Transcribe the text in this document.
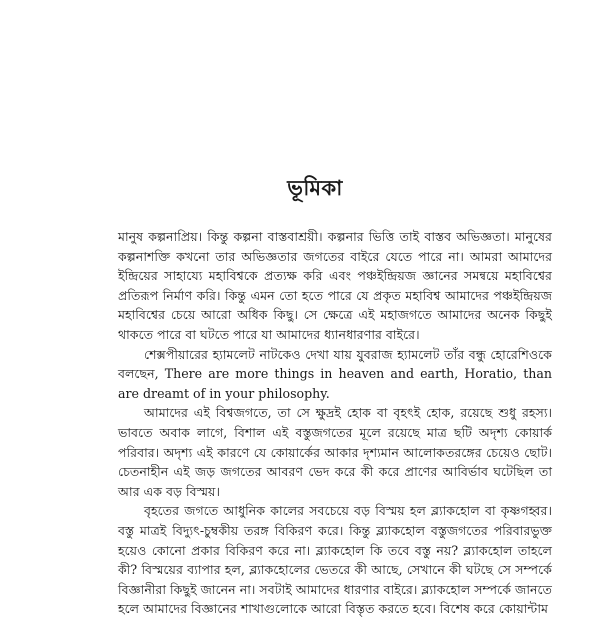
ভূমিকা

মানুষ কল্পনাপ্রিয়। কিন্তু কল্পনা বাস্তবাশ্রয়ী। কল্পনার ভিত্তি তাই বাস্তব অভিজ্ঞতা। মানুষের কল্পনাশক্তি কখনো তার অভিজ্ঞতার জগতের বাইরে যেতে পারে না। আমরা আমাদের ইন্দ্রিয়ের সাহায্যে মহাবিশ্বকে প্রত্যক্ষ করি এবং পঞ্চইন্দ্রিয়জ জ্ঞানের সমন্বয়ে মহাবিশ্বের প্রতিরূপ নির্মাণ করি। কিন্তু এমন তো হতে পারে যে প্রকৃত মহাবিশ্ব আমাদের পঞ্চইন্দ্রিয়জ মহাবিশ্বের চেয়ে আরো অধিক কিছু। সে ক্ষেত্রে এই মহাজগতে আমাদের অনেক কিছুই থাকতে পারে বা ঘটতে পারে যা আমাদের ধ্যানধারণার বাইরে।

শেক্সপীয়ারের হ্যামলেট নাটকেও দেখা যায় যুবরাজ হ্যামলেট তাঁর বন্ধু হোরেশিওকে বলছেন, There are more things in heaven and earth, Horatio, than are dreamt of in your philosophy.

আমাদের এই বিশ্বজগতে, তা সে ক্ষুদ্রই হোক বা বৃহৎই হোক, রয়েছে শুধু রহস্য। ভাবতে অবাক লাগে, বিশাল এই বস্তুজগতের মূলে রয়েছে মাত্র ছটি অদৃশ্য কোয়ার্ক পরিবার। অদৃশ্য এই কারণে যে কোয়ার্কের আকার দৃশ্যমান আলোকতরঙ্গের চেয়েও ছোট। চেতনাহীন এই জড় জগতের আবরণ ভেদ করে কী করে প্রাণের আবির্ভাব ঘটেছিল তা আর এক বড় বিস্ময়।

বৃহতের জগতে আধুনিক কালের সবচেয়ে বড় বিস্ময় হল ব্ল্যাকহোল বা কৃষ্ণগহ্বর। বস্তু মাত্রই বিদ্যুৎ-চুম্বকীয় তরঙ্গ বিকিরণ করে। কিন্তু ব্ল্যাকহোল বস্তুজগতের পরিবারভুক্ত হয়েও কোনো প্রকার বিকিরণ করে না। ব্ল্যাকহোল কি তবে বস্তু নয়? ব্ল্যাকহোল তাহলে কী? বিস্ময়ের ব্যাপার হল, ব্ল্যাকহোলের ভেতরে কী আছে, সেখানে কী ঘটছে সে সম্পর্কে বিজ্ঞানীরা কিছুই জানেন না। সবটাই আমাদের ধারণার বাইরে। ব্ল্যাকহোল সম্পর্কে জানতে হলে আমাদের বিজ্ঞানের শাখাগুলোকে আরো বিস্তৃত করতে হবে। বিশেষ করে কোয়ান্টাম
